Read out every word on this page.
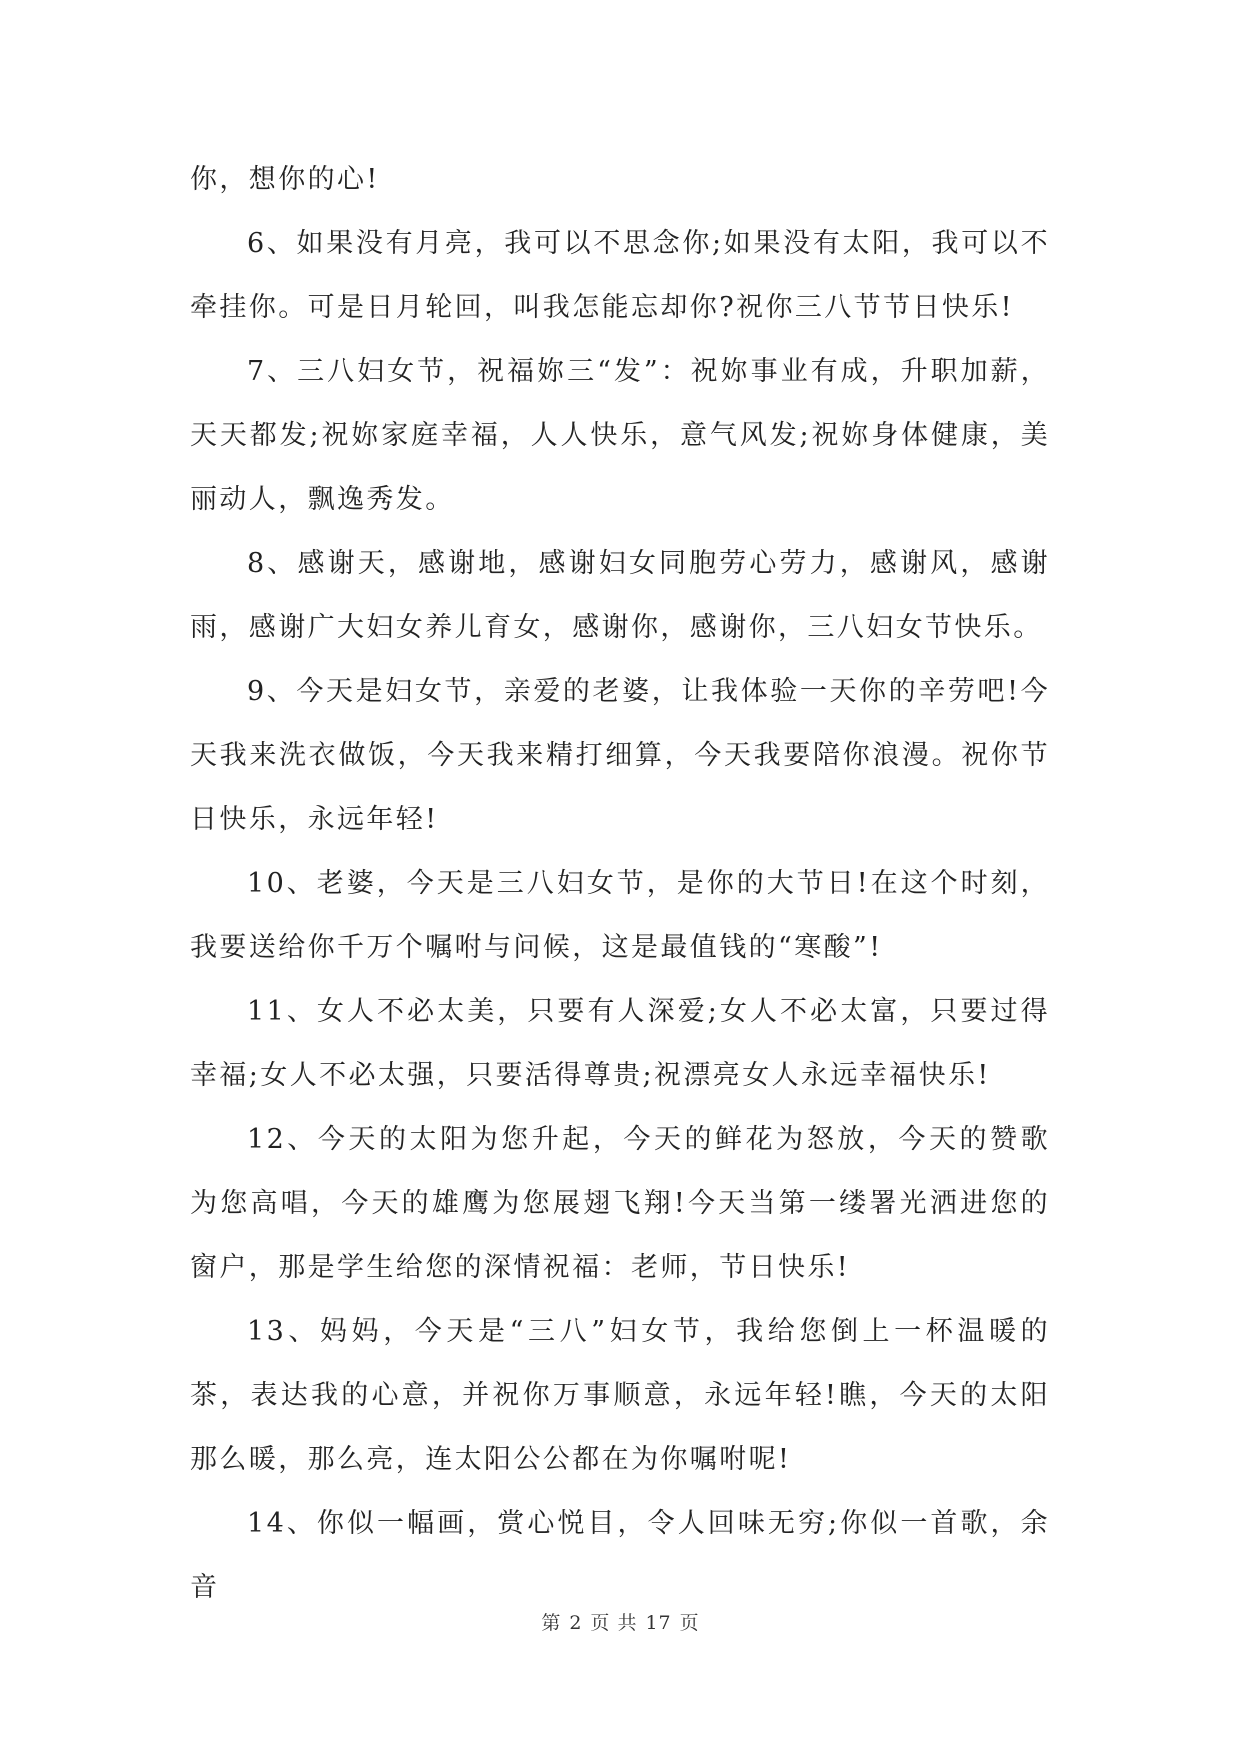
你，想你的心!

6、如果没有月亮，我可以不思念你;如果没有太阳，我可以不牵挂你。可是日月轮回，叫我怎能忘却你?祝你三八节节日快乐!

7、三八妇女节，祝福妳三“发”：祝妳事业有成，升职加薪，天天都发;祝妳家庭幸福，人人快乐，意气风发;祝妳身体健康，美丽动人，飘逸秀发。

8、感谢天，感谢地，感谢妇女同胞劳心劳力，感谢风，感谢雨，感谢广大妇女养儿育女，感谢你，感谢你，三八妇女节快乐。

9、今天是妇女节，亲爱的老婆，让我体验一天你的辛劳吧!今天我来洗衣做饭，今天我来精打细算，今天我要陪你浪漫。祝你节日快乐，永远年轻!

10、老婆，今天是三八妇女节，是你的大节日!在这个时刻，我要送给你千万个嘱咐与问候，这是最值钱的“寒酸”!

11、女人不必太美，只要有人深爱;女人不必太富，只要过得幸福;女人不必太强，只要活得尊贵;祝漂亮女人永远幸福快乐!

12、今天的太阳为您升起，今天的鲜花为怒放，今天的赞歌为您高唱，今天的雄鹰为您展翅飞翔!今天当第一缕署光洒进您的窗户，那是学生给您的深情祝福：老师，节日快乐!

13、妈妈，今天是“三八”妇女节，我给您倒上一杯温暖的茶，表达我的心意，并祝你万事顺意，永远年轻!瞧，今天的太阳那么暖，那么亮，连太阳公公都在为你嘱咐呢!

14、你似一幅画，赏心悦目，令人回味无穷;你似一首歌，余音

第 2 页 共 17 页
